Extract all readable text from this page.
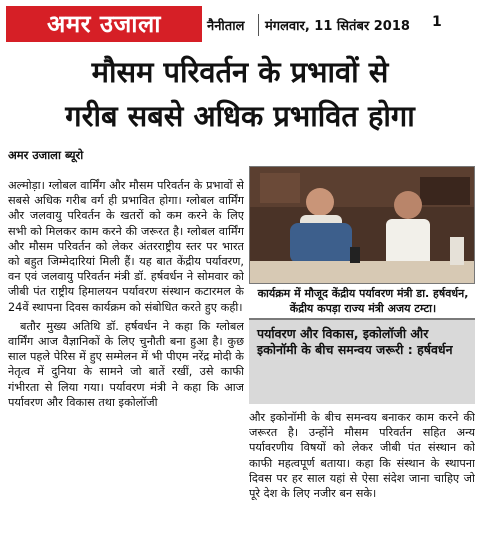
अमर उजाला	नैनीताल मंगलवार, 11 सितंबर 2018 1
मौसम परिवर्तन के प्रभावों से
गरीब सबसे अधिक प्रभावित होगा
अमर उजाला ब्यूरो

अल्मोड़ा। ग्लोबल वार्मिंग और मौसम परिवर्तन के प्रभावों से सबसे अधिक गरीब वर्ग ही प्रभावित होगा। ग्लोबल वार्मिंग और जलवायु परिवर्तन के खतरों को कम करने के लिए सभी को मिलकर काम करने की जरूरत है। ग्लोबल वार्मिंग और मौसम परिवर्तन को लेकर अंतरराष्ट्रीय स्तर पर भारत को बहुत जिम्मेदारियां मिली हैं। यह बात केंद्रीय पर्यावरण, वन एवं जलवायु परिवर्तन मंत्री डॉ. हर्षवर्धन ने सोमवार को जीबी पंत राष्ट्रीय हिमालयन पर्यावरण संस्थान कटारमल के 24वें स्थापना दिवस कार्यक्रम को संबोधित करते हुए कही।

बतौर मुख्य अतिथि डॉ. हर्षवर्धन ने कहा कि ग्लोबल वार्मिंग आज वैज्ञानिकों के लिए चुनौती बना हुआ है। कुछ साल पहले पेरिस में हुए सम्मेलन में भी पीएम नरेंद्र मोदी के नेतृत्व में दुनिया के सामने जो बातें रखीं, उसे काफी गंभीरता से लिया गया। पर्यावरण मंत्री ने कहा कि आज पर्यावरण और विकास तथा इकोलॉजी

कार्यक्रम में मौजूद केंद्रीय पर्यावरण मंत्री डा. हर्षवर्धन, केंद्रीय कपड़ा राज्य मंत्री अजय टम्टा।
पर्यावरण और विकास, इकोलॉजी और इकोनॉमी के बीच समन्वय जरूरी : हर्षवर्धन
और इकोनॉमी के बीच समन्वय बनाकर काम करने की जरूरत है। उन्होंने मौसम परिवर्तन सहित अन्य पर्यावरणीय विषयों को लेकर जीबी पंत संस्थान को काफी महत्वपूर्ण बताया। कहा कि संस्थान के स्थापना दिवस पर हर साल यहां से ऐसा संदेश जाना चाहिए जो पूरे देश के लिए नजीर बन सके।
